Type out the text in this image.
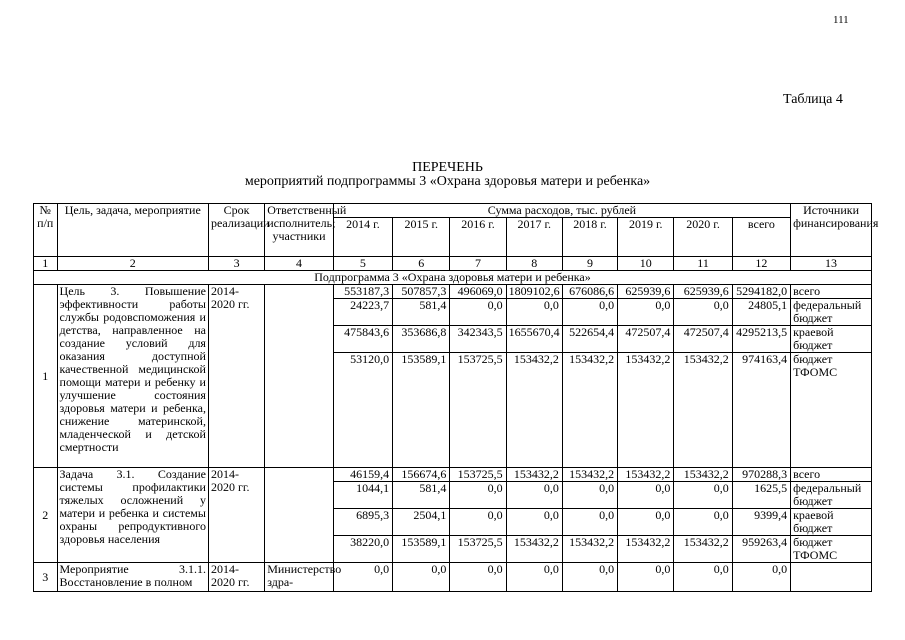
111
Таблица 4
ПЕРЕЧЕНЬ
мероприятий подпрограммы 3 «Охрана здоровья матери и ребенка»
№ п/п	Цель, задача, мероприятие	Срок реализации	Ответственный исполнитель; участники	Сумма расходов, тыс. рублей								Источники финансирования
				2014 г.	2015 г.	2016 г.	2017 г.	2018 г.	2019 г.	2020 г.	всего	
1	2	3	4	5	6	7	8	9	10	11	12	13
Подпрограмма 3 «Охрана здоровья матери и ребенка»												
1	Цель 3. Повышение эффективности работы службы родовспоможения и детства, направленное на создание условий для оказания доступной качественной медицинской помощи матери и ребенку и улучшение состояния здоровья матери и ребенка, снижение материнской, младенческой и детской смертности	2014-2020 гг.		553187,3	507857,3	496069,0	1809102,6	676086,6	625939,6	625939,6	5294182,0	всего
				24223,7	581,4	0,0	0,0	0,0	0,0	0,0	24805,1	федеральный бюджет
				475843,6	353686,8	342343,5	1655670,4	522654,4	472507,4	472507,4	4295213,5	краевой бюджет
				53120,0	153589,1	153725,5	153432,2	153432,2	153432,2	153432,2	974163,4	бюджет ТФОМС
2	Задача 3.1. Создание системы профилактики тяжелых осложнений у матери и ребенка и системы охраны репродуктивного здоровья населения	2014-2020 гг.		46159,4	156674,6	153725,5	153432,2	153432,2	153432,2	153432,2	970288,3	всего
				1044,1	581,4	0,0	0,0	0,0	0,0	0,0	1625,5	федеральный бюджет
				6895,3	2504,1	0,0	0,0	0,0	0,0	0,0	9399,4	краевой бюджет
				38220,0	153589,1	153725,5	153432,2	153432,2	153432,2	153432,2	959263,4	бюджет ТФОМС
3	Мероприятие 3.1.1. Восстановление в полном	2014-2020 гг.	Министерство здра-	0,0	0,0	0,0	0,0	0,0	0,0	0,0	0,0	
